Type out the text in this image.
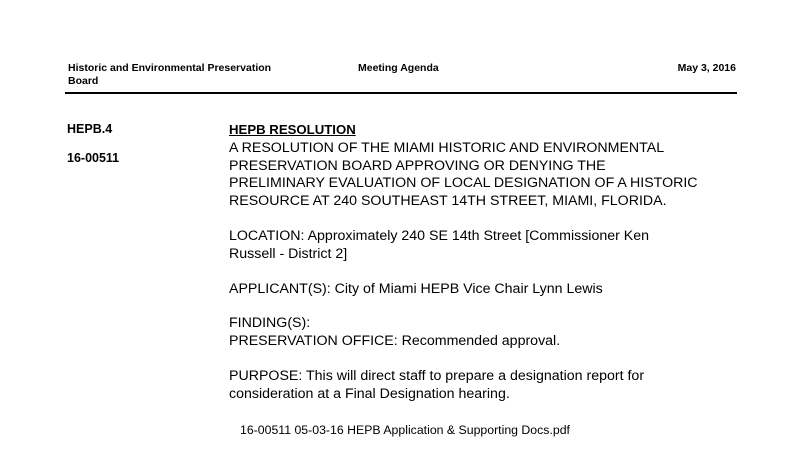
Historic and Environmental Preservation
Board
Meeting Agenda	May 3, 2016
HEPB.4
16-00511
HEPB RESOLUTION

A RESOLUTION OF THE MIAMI HISTORIC AND ENVIRONMENTAL PRESERVATION BOARD APPROVING OR DENYING THE PRELIMINARY EVALUATION OF LOCAL DESIGNATION OF A HISTORIC RESOURCE AT 240 SOUTHEAST 14TH STREET, MIAMI, FLORIDA.

LOCATION: Approximately 240 SE 14th Street [Commissioner Ken Russell - District 2]

APPLICANT(S): City of Miami HEPB Vice Chair Lynn Lewis

FINDING(S):

PRESERVATION OFFICE: Recommended approval.

PURPOSE: This will direct staff to prepare a designation report for consideration at a Final Designation hearing.

16-00511 05-03-16 HEPB Application & Supporting Docs.pdf
